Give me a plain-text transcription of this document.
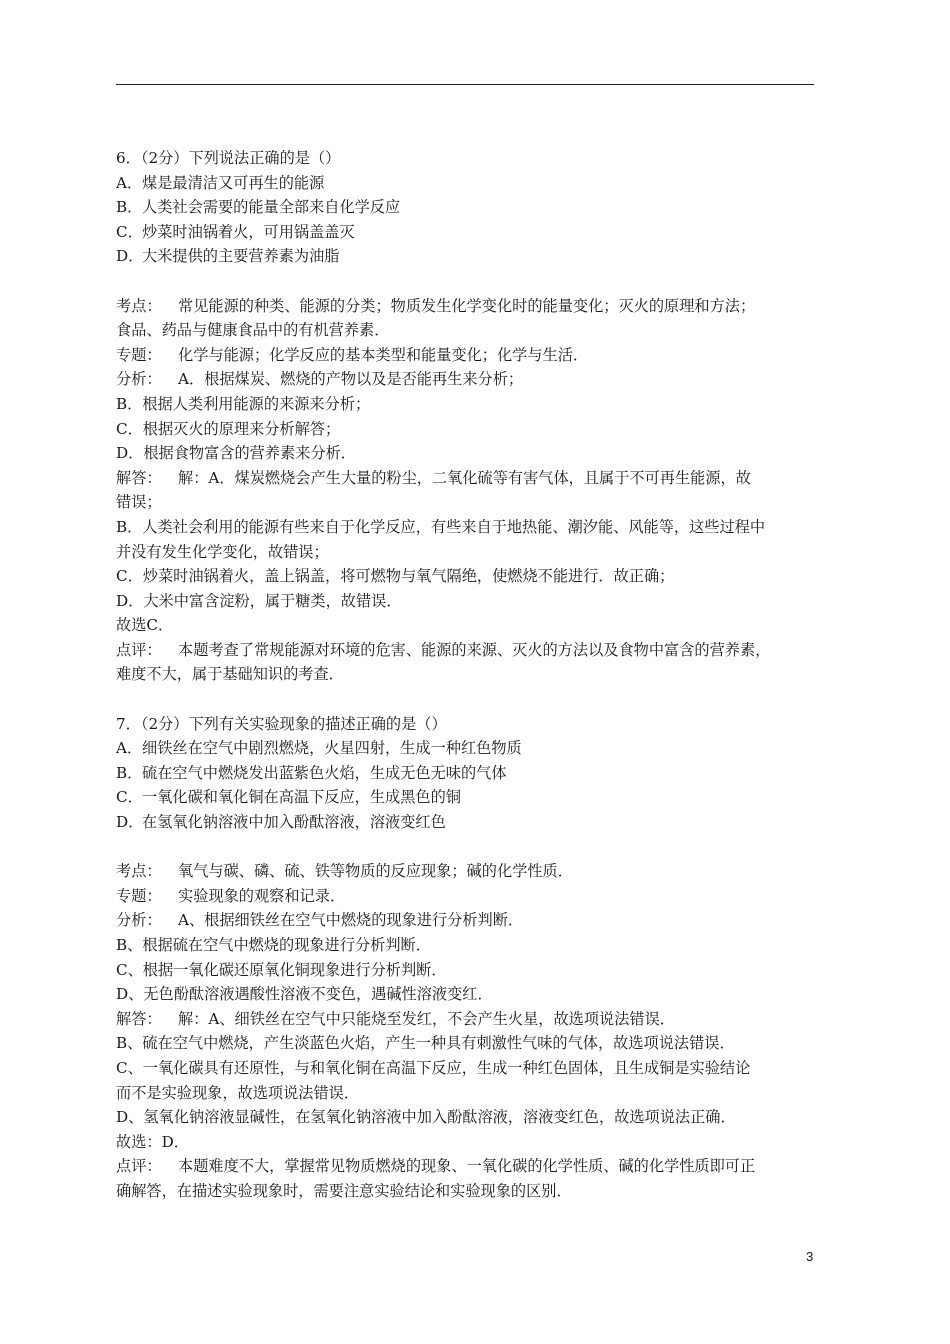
6．（2分）下列说法正确的是（）
A．煤是最清洁又可再生的能源
B．人类社会需要的能量全部来自化学反应
C．炒菜时油锅着火，可用锅盖盖灭
D．大米提供的主要营养素为油脂
考点： 常见能源的种类、能源的分类；物质发生化学变化时的能量变化；灭火的原理和方法；
食品、药品与健康食品中的有机营养素．
专题： 化学与能源；化学反应的基本类型和能量变化；化学与生活．
分析： A．根据煤炭、燃烧的产物以及是否能再生来分析；
B．根据人类利用能源的来源来分析；
C．根据灭火的原理来分析解答；
D．根据食物富含的营养素来分析．
解答： 解：A．煤炭燃烧会产生大量的粉尘，二氧化硫等有害气体，且属于不可再生能源，故
错误；
B．人类社会利用的能源有些来自于化学反应，有些来自于地热能、潮汐能、风能等，这些过程中
并没有发生化学变化，故错误；
C．炒菜时油锅着火，盖上锅盖，将可燃物与氧气隔绝，使燃烧不能进行．故正确；
D．大米中富含淀粉，属于糖类，故错误．
故选C．
点评： 本题考查了常规能源对环境的危害、能源的来源、灭火的方法以及食物中富含的营养素，
难度不大，属于基础知识的考查．
7．（2分）下列有关实验现象的描述正确的是（）
A．细铁丝在空气中剧烈燃烧，火星四射，生成一种红色物质
B．硫在空气中燃烧发出蓝紫色火焰，生成无色无味的气体
C．一氧化碳和氧化铜在高温下反应，生成黑色的铜
D．在氢氧化钠溶液中加入酚酞溶液，溶液变红色
考点： 氧气与碳、磷、硫、铁等物质的反应现象；碱的化学性质．
专题： 实验现象的观察和记录．
分析： A、根据细铁丝在空气中燃烧的现象进行分析判断．
B、根据硫在空气中燃烧的现象进行分析判断．
C、根据一氧化碳还原氧化铜现象进行分析判断．
D、无色酚酞溶液遇酸性溶液不变色，遇碱性溶液变红．
解答： 解：A、细铁丝在空气中只能烧至发红，不会产生火星，故选项说法错误．
B、硫在空气中燃烧，产生淡蓝色火焰，产生一种具有刺激性气味的气体，故选项说法错误．
C、一氧化碳具有还原性，与和氧化铜在高温下反应，生成一种红色固体，且生成铜是实验结论
而不是实验现象，故选项说法错误．
D、氢氧化钠溶液显碱性，在氢氧化钠溶液中加入酚酞溶液，溶液变红色，故选项说法正确．
故选：D．
点评： 本题难度不大，掌握常见物质燃烧的现象、一氧化碳的化学性质、碱的化学性质即可正
确解答，在描述实验现象时，需要注意实验结论和实验现象的区别．
3
